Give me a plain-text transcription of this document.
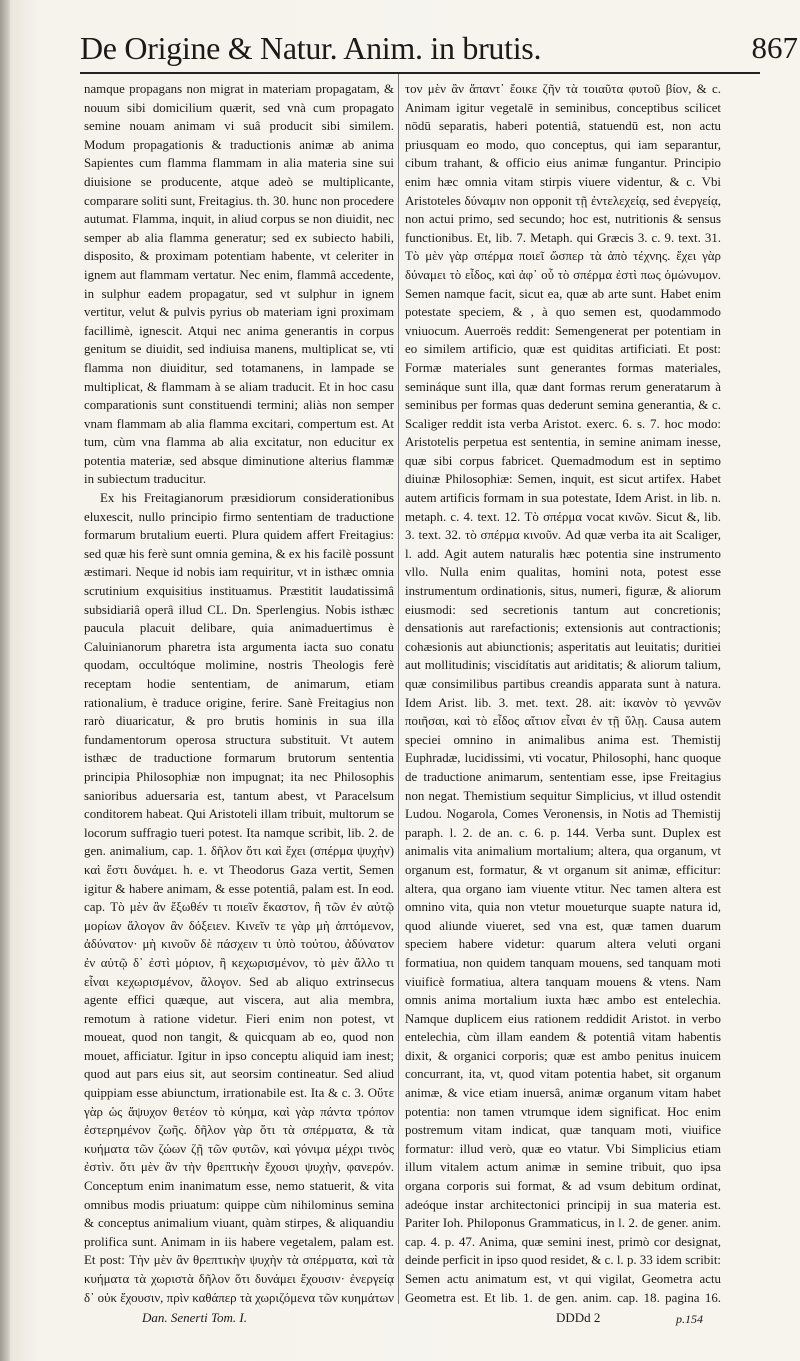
De Origine & Natur. Anim. in brutis.	867

namque propagans non migrat in materiam propagatam, & nouum sibi domicilium quærit, sed vnà cum propagato semine nouam animam vi suâ producit sibi similem. Modum propagationis & traductionis animæ ab anima Sapientes cum flamma flammam in alia materia sine sui diuisione se producente, atque adeò se multiplicante, comparare soliti sunt, Freitagius. th. 30. hunc non procedere autumat. Flamma, inquit, in aliud corpus se non diuidit, nec semper ab alia flamma generatur; sed ex subiecto habili, disposito, & proximam potentiam habente, vt celeriter in ignem aut flammam vertatur. Nec enim, flammâ accedente, in sulphur eadem propagatur, sed vt sulphur in ignem vertitur, velut & pulvis pyrius ob materiam igni proximam facillimè, ignescit. Atqui nec anima generantis in corpus genitum se diuidit, sed indiuisa manens, multiplicat se, vti flamma non diuiditur, sed totamanens, in lampade se multiplicat, & flammam à se aliam traducit. Et in hoc casu comparationis sunt constituendi termini; aliàs non semper vnam flammam ab alia flamma excitari, compertum est. At tum, cùm vna flamma ab alia excitatur, non educitur ex potentia materiæ, sed absque diminutione alterius flammæ in subiectum traducitur.

Ex his Freitagianorum præsidiorum considerationibus eluxescit, nullo principio firmo sententiam de traductione formarum brutalium euerti. Plura quidem affert Freitagius: sed quæ his ferè sunt omnia gemina, & ex his facilè possunt æstimari. Neque id nobis iam requiritur, vt in isthæc omnia scrutinium exquisitius instituamus. Præstitit laudatissimâ subsidiariâ operâ illud CL. Dn. Sperlengius. Nobis isthæc paucula placuit delibare, quia animaduertimus è Caluinianorum pharetra ista argumenta iacta suo conatu quodam, occultóque molimine, nostris Theologis ferè receptam hodie sententiam, de animarum, etiam rationalium, è traduce origine, ferire. Sanè Freitagius non rarò diuaricatur, & pro brutis hominis in sua illa fundamentorum operosa structura substituit. Vt autem isthæc de traductione formarum brutorum sententia principia Philosophiæ non impugnat; ita nec Philosophis sanioribus aduersaria est, tantum abest, vt Paracelsum conditorem habeat. Qui Aristoteli illam tribuit, multorum se locorum suffragio tueri potest. Ita namque scribit, lib. 2. de gen. animalium, cap. 1. δῆλον ὅτι καὶ ἔχει (σπέρμα ψυχὴν) καὶ ἔστι δυνάμει. h. e. vt Theodorus Gaza vertit, Semen igitur & habere animam, & esse potentiâ, palam est. In eod. cap. Τὸ μὲν ἂν ἔξωθέν τι ποιεῖν ἕκαστον, ἢ τῶν ἐν αὐτῷ μορίων ἄλογον ἂν δόξειεν. Κινεῖν τε γὰρ μὴ ἁπτόμενον, ἀδύνατον· μὴ κινοῦν δὲ πάσχειν τι ὑπὸ τούτου, ἀδύνατον ἐν αὐτῷ δ᾽ ἐστὶ μόριον, ἢ κεχωρισμένον, τὸ μὲν ἄλλο τι εἶναι κεχωρισμένον, ἄλογον. Sed ab aliquo extrinsecus agente effici quæque, aut viscera, aut alia membra, remotum à ratione videtur. Fieri enim non potest, vt moueat, quod non tangit, & quicquam ab eo, quod non mouet, afficiatur. Igitur in ipso conceptu aliquid iam inest; quod aut pars eius sit, aut seorsim contineatur. Sed aliud quippiam esse abiunctum, irrationabile est. Ita & c. 3. Οὔτε γὰρ ὡς ἄψυχον θετέον τὸ κύημα, καὶ γὰρ πάντα τρόπον ἐστερημένον ζωῆς. δῆλον γὰρ ὅτι τὰ σπέρματα, & τὰ κυήματα τῶν ζώων ζῇ τῶν φυτῶν, καὶ γόνιμα μέχρι τινὸς ἐστὶν. ὅτι μὲν ἂν τὴν θρεπτικὴν ἔχουσι ψυχὴν, φανερόν. Conceptum enim inanimatum esse, nemo statuerit, & vita omnibus modis priuatum: quippe cùm nihilominus semina & conceptus animalium viuant, quàm stirpes, & aliquandiu prolifica sunt. Animam in iis habere vegetalem, palam est. Et post: Τὴν μὲν ἂν θρεπτικὴν ψυχὴν τὰ σπέρματα, καὶ τὰ κυήματα τὰ χωριστὰ δῆλον ὅτι δυνάμει ἔχουσιν· ἐνεργείᾳ δ᾽ οὐκ ἔχουσιν, πρὶν καθάπερ τὰ χωριζόμενα τῶν κυημάτων

τον μὲν ἂν ἅπαντ᾽ ἔοικε ζῆν τὰ τοιαῦτα φυτοῦ βίον, & c. Animam igitur vegetalē in seminibus, conceptibus scilicet nōdū separatis, haberi potentiâ, statuendū est, non actu priusquam eo modo, quo conceptus, qui iam separantur, cibum trahant, & officio eius animæ fungantur. Principio enim hæc omnia vitam stirpis viuere videntur, & c. Vbi Aristoteles δύναμιν non opponit τῇ ἐντελεχείᾳ, sed ἐνεργείᾳ, non actui primo, sed secundo; hoc est, nutritionis & sensus functionibus. Et, lib. 7. Metaph. qui Græcis 3. c. 9. text. 31. Τὸ μὲν γὰρ σπέρμα ποιεῖ ὥσπερ τὰ ἀπὸ τέχνης. ἔχει γὰρ δύναμει τὸ εἶδος, καὶ ἀφ᾽ οὗ τὸ σπέρμα ἐστὶ πως ὁμώνυμον. Semen namque facit, sicut ea, quæ ab arte sunt. Habet enim potestate speciem, & , à quo semen est, quodammodo vniuocum. Auerroës reddit: Semengenerat per potentiam in eo similem artificio, quæ est quiditas artificiati. Et post: Formæ materiales sunt generantes formas materiales, semináque sunt illa, quæ dant formas rerum generatarum à seminibus per formas quas dederunt semina generantia, & c. Scaliger reddit ista verba Aristot. exerc. 6. s. 7. hoc modo: Aristotelis perpetua est sententia, in semine animam inesse, quæ sibi corpus fabricet. Quemadmodum est in septimo diuinæ Philosophiæ: Semen, inquit, est sicut artifex. Habet autem artificis formam in sua potestate, Idem Arist. in lib. n. metaph. c. 4. text. 12. Τὸ σπέρμα vocat κινῶν. Sicut &, lib. 3. text. 32. τὸ σπέρμα κινοῦν. Ad quæ verba ita ait Scaliger, l. add. Agit autem naturalis hæc potentia sine instrumento vllo. Nulla enim qualitas, homini nota, potest esse instrumentum ordinationis, situs, numeri, figuræ, & aliorum eiusmodi: sed secretionis tantum aut concretionis; densationis aut rarefactionis; extensionis aut contractionis; cohæsionis aut abiunctionis; asperitatis aut leuitatis; duritiei aut mollitudinis; viscidítatis aut ariditatis; & aliorum talium, quæ consimilibus partibus creandis apparata sunt à natura. Idem Arist. lib. 3. met. text. 28. ait: ἱκανὸν τὸ γεννῶν ποιῆσαι, καὶ τὸ εἶδος αἴτιον εἶναι ἐν τῇ ὕλῃ. Causa autem speciei omnino in animalibus anima est. Themistij Euphradæ, lucidissimi, vti vocatur, Philosophi, hanc quoque de traductione animarum, sententiam esse, ipse Freitagius non negat. Themistium sequitur Simplicius, vt illud ostendit Ludou. Nogarola, Comes Veronensis, in Notis ad Themistij paraph. l. 2. de an. c. 6. p. 144. Verba sunt. Duplex est animalis vita animalium mortalium; altera, qua organum, vt organum est, formatur, & vt organum sit animæ, efficitur: altera, qua organo iam viuente vtitur. Nec tamen altera est omnino vita, quia non vtetur moueturque suapte natura id, quod aliunde viueret, sed vna est, quæ tamen duarum speciem habere videtur: quarum altera veluti organi formatiua, non quidem tanquam mouens, sed tanquam moti viuificè formatiua, altera tanquam mouens & vtens. Nam omnis anima mortalium iuxta hæc ambo est entelechia. Namque duplicem eius rationem reddidit Aristot. in verbo entelechia, cùm illam eandem & potentiâ vitam habentis dixit, & organici corporis; quæ est ambo penitus inuicem concurrant, ita, vt, quod vitam potentia habet, sit organum animæ, & vice etiam inuersâ, animæ organum vitam habet potentia: non tamen vtrumque idem significat. Hoc enim postremum vitam indicat, quæ tanquam moti, viuifice formatur: illud verò, quæ eo vtatur. Vbi Simplicius etiam illum vitalem actum animæ in semine tribuit, quo ipsa organa corporis sui format, & ad vsum debitum ordinat, adeóque instar architectonici principij in sua materia est. Pariter Ioh. Philoponus Grammaticus, in l. 2. de gener. anim. cap. 4. p. 47. Anima, quæ semini inest, primò cor designat, deinde perficit in ipso quod residet, & c. l. p. 33 idem scribit: Semen actu animatum est, vt qui vigilat, Geometra actu Geometra est. Et lib. 1. de gen. anim. cap. 18. pagina 16.

Dan. Senerti Tom. I.	DDDd 2	p.154
